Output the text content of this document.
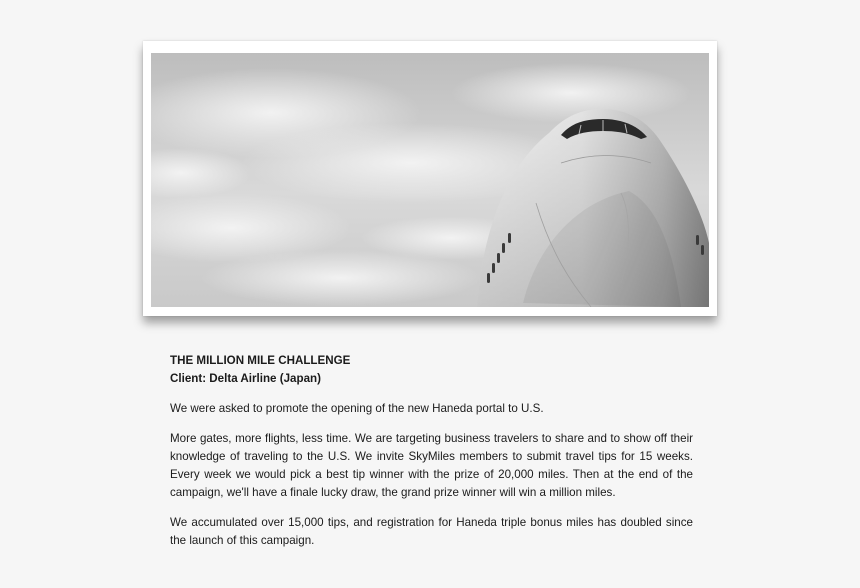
THE MILLION MILE CHALLENGE
Client: Delta Airline (Japan)

We were asked to promote the opening of the new Haneda portal to U.S.

More gates, more flights, less time. We are targeting business travelers to share and to show off their knowledge of traveling to the U.S. We invite SkyMiles members to submit travel tips for 15 weeks. Every week we would pick a best tip winner with the prize of 20,000 miles. Then at the end of the campaign, we'll have a finale lucky draw, the grand prize winner will win a million miles.

We accumulated over 15,000 tips, and registration for Haneda triple bonus miles has doubled since the launch of this campaign.
